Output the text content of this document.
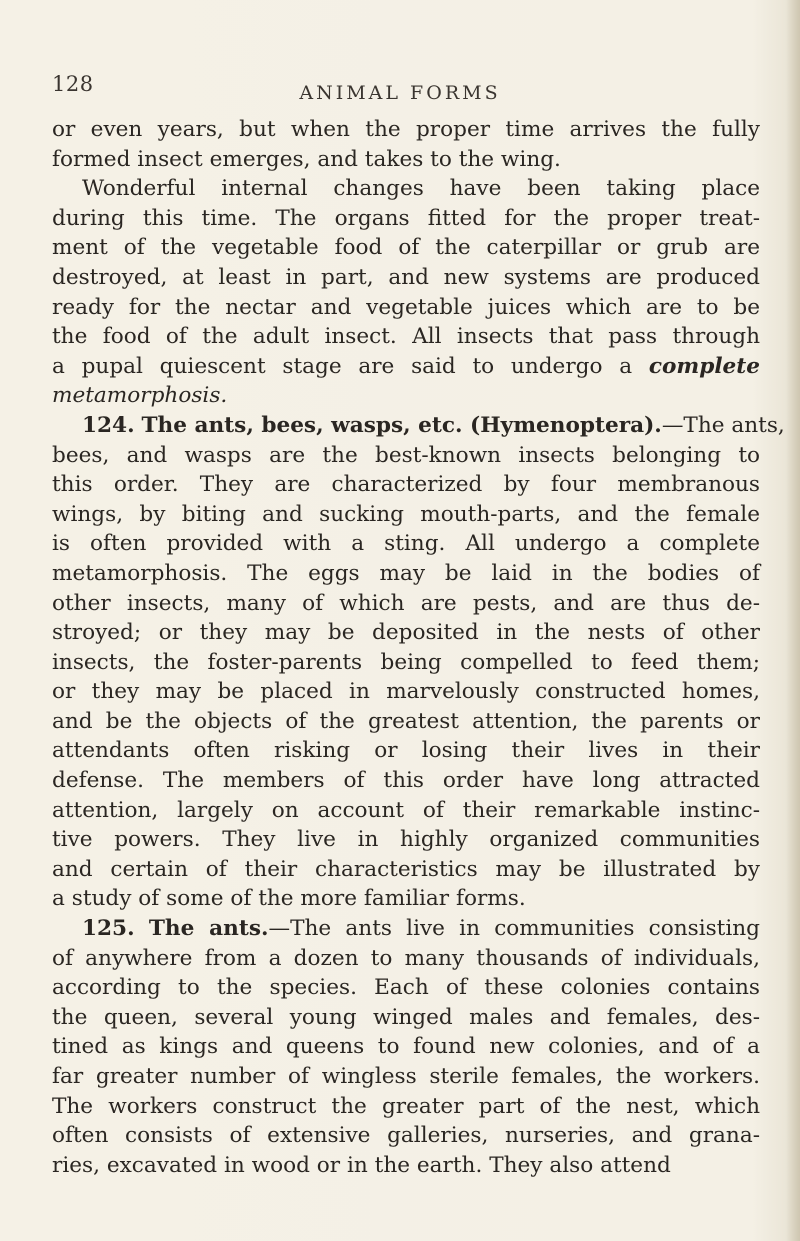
128	ANIMAL FORMS
or even years, but when the proper time arrives the fully
formed insect emerges, and takes to the wing.
Wonderful internal changes have been taking place
during this time. The organs fitted for the proper treat-
ment of the vegetable food of the caterpillar or grub are
destroyed, at least in part, and new systems are produced
ready for the nectar and vegetable juices which are to be
the food of the adult insect. All insects that pass through
a pupal quiescent stage are said to undergo a complete
metamorphosis.
124. The ants, bees, wasps, etc. (Hymenoptera).—The ants,
bees, and wasps are the best-known insects belonging to
this order. They are characterized by four membranous
wings, by biting and sucking mouth-parts, and the female
is often provided with a sting. All undergo a complete
metamorphosis. The eggs may be laid in the bodies of
other insects, many of which are pests, and are thus de-
stroyed; or they may be deposited in the nests of other
insects, the foster-parents being compelled to feed them;
or they may be placed in marvelously constructed homes,
and be the objects of the greatest attention, the parents or
attendants often risking or losing their lives in their
defense. The members of this order have long attracted
attention, largely on account of their remarkable instinc-
tive powers. They live in highly organized communities
and certain of their characteristics may be illustrated by
a study of some of the more familiar forms.
125. The ants.—The ants live in communities consisting
of anywhere from a dozen to many thousands of individuals,
according to the species. Each of these colonies contains
the queen, several young winged males and females, des-
tined as kings and queens to found new colonies, and of a
far greater number of wingless sterile females, the workers.
The workers construct the greater part of the nest, which
often consists of extensive galleries, nurseries, and grana-
ries, excavated in wood or in the earth. They also attend
